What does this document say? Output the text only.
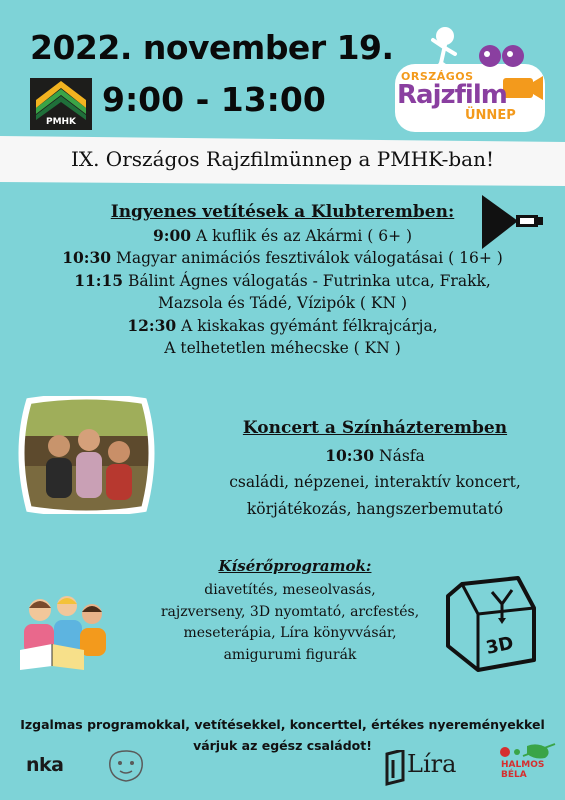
2022. november 19.
PMHK
9:00 - 13:00
ORSZÁGOS
Rajzfilm
ÜNNEP
IX. Országos Rajzfilmünnep a PMHK-ban!
Ingyenes vetítések a Klubteremben:
9:00 A kuflik és az Akármi ( 6+ )
10:30 Magyar animációs fesztiválok válogatásai ( 16+ )
11:15 Bálint Ágnes válogatás - Futrinka utca, Frakk,
Mazsola és Tádé, Vízipók ( KN )
12:30 A kiskakas gyémánt félkrajcárja,
A telhetetlen méhecske ( KN )
Koncert a Színházteremben
10:30 Násfa
családi, népzenei, interaktív koncert,
körjátékozás, hangszerbemutató
Kísérőprogramok:
diavetítés, meseolvasás,
rajzverseny, 3D nyomtató, arcfestés,
meseterápia, Líra könyvvásár,
amigurumi figurák	3D
Izgalmas programokkal, vetítésekkel, koncerttel, értékes nyereményekkel
várjuk az egész családot!
nka	Líra	HALMOS
BÉLA
